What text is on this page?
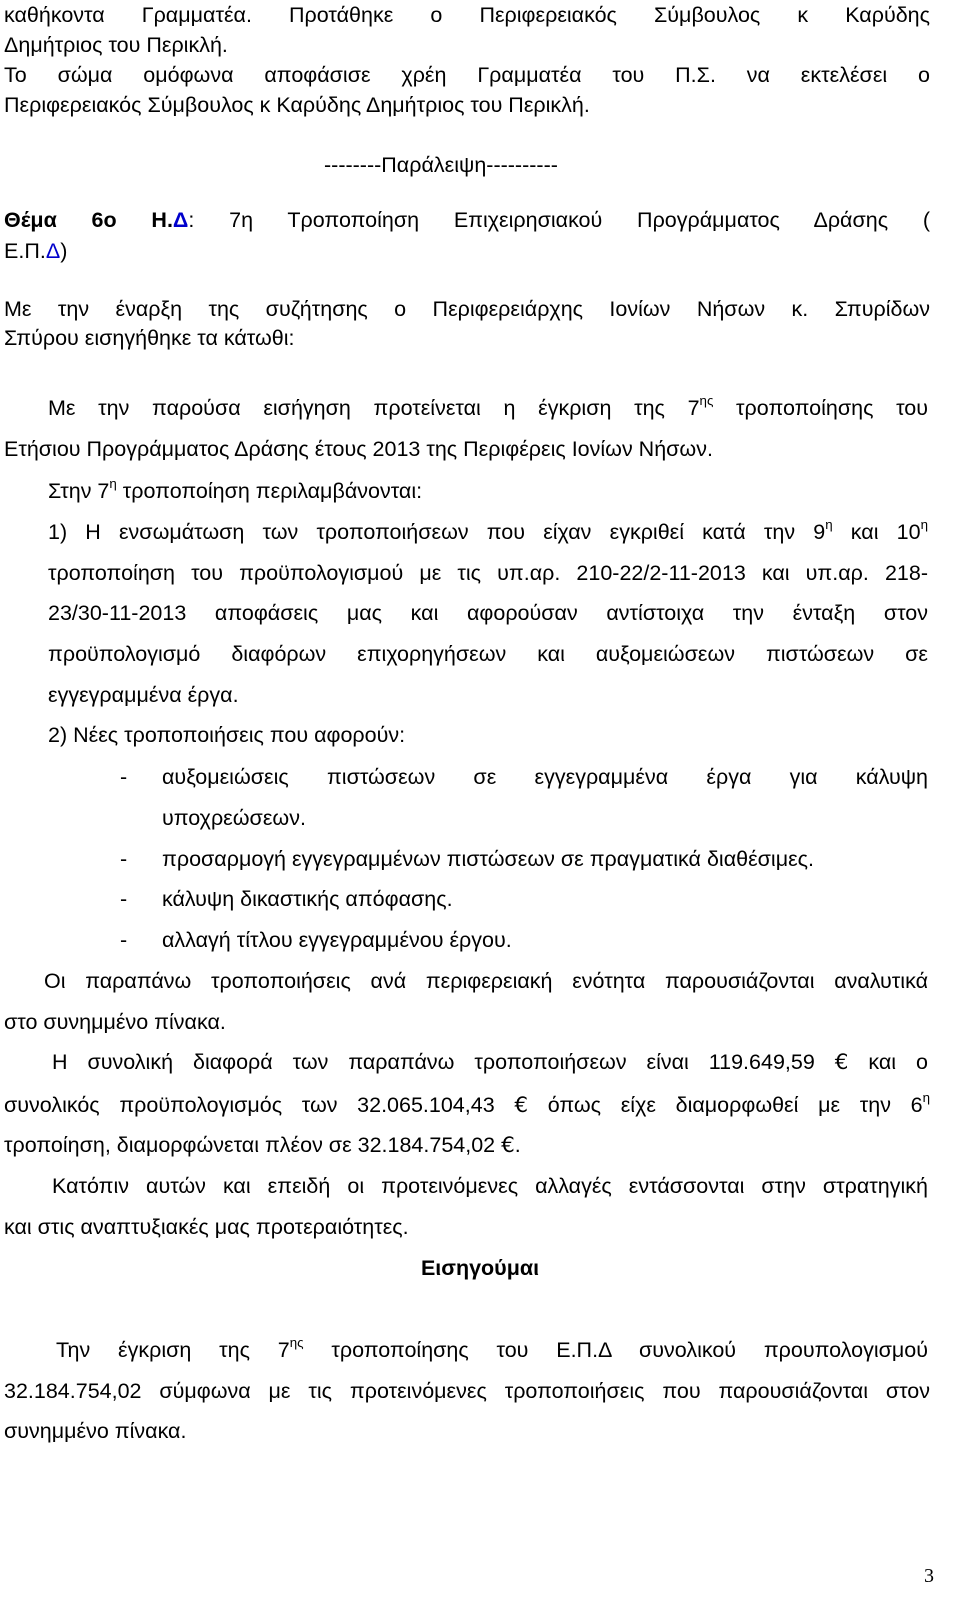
καθήκοντα Γραμματέα. Προτάθηκε ο Περιφερειακός Σύμβουλος κ Καρύδης

Δημήτριος του Περικλή.

Το σώμα ομόφωνα αποφάσισε χρέη Γραμματέα του Π.Σ. να εκτελέσει ο

Περιφερειακός Σύμβουλος κ Καρύδης Δημήτριος του Περικλή.

--------Παράλειψη----------

Θέμα 6ο Η.Δ: 7η Τροποποίηση Επιχειρησιακού Προγράμματος Δράσης (

Ε.Π.Δ)

Με την έναρξη της συζήτησης ο Περιφερειάρχης Ιονίων Νήσων κ. Σπυρίδων

Σπύρου εισηγήθηκε τα κάτωθι:

Με την παρούσα εισήγηση προτείνεται η έγκριση της $7^{\eta\varsigma}$ τροποποίησης του

Ετήσιου Προγράμματος Δράσης έτους 2013 της Περιφέρεις Ιονίων Νήσων.

Στην $7^\eta$ τροποποίηση περιλαμβάνονται:

1) Η ενσωμάτωση των τροποποιήσεων που είχαν εγκριθεί κατά την $9^\eta$ και $10^\eta$

τροποποίηση του προϋπολογισμού με τις υπ.αρ. 210-22/2-11-2013 και υπ.αρ. 218-

23/30-11-2013 αποφάσεις μας και αφορούσαν αντίστοιχα την ένταξη στον

προϋπολογισμό διαφόρων επιχορηγήσεων και αυξομειώσεων πιστώσεων σε

εγγεγραμμένα έργα.

2) Νέες τροποποιήσεις που αφορούν:

- αυξομειώσεις πιστώσεων σε εγγεγραμμένα έργα για κάλυψη

υποχρεώσεων.

- προσαρμογή εγγεγραμμένων πιστώσεων σε πραγματικά διαθέσιμες.

- κάλυψη δικαστικής απόφασης.

- αλλαγή τίτλου εγγεγραμμένου έργου.

Οι παραπάνω τροποποιήσεις ανά περιφερειακή ενότητα παρουσιάζονται αναλυτικά

στο συνημμένο πίνακα.

Η συνολική διαφορά των παραπάνω τροποποιήσεων είναι 119.649,59 € και ο

συνολικός προϋπολογισμός των 32.065.104,43 € όπως είχε διαμορφωθεί με την $6^\eta$

τροποίηση, διαμορφώνεται πλέον σε 32.184.754,02 €.

Κατόπιν αυτών και επειδή οι προτεινόμενες αλλαγές εντάσσονται στην στρατηγική

και στις αναπτυξιακές μας προτεραιότητες.

Εισηγούμαι

Την έγκριση της $7^{\eta\varsigma}$ τροποποίησης του Ε.Π.Δ συνολικού προυπολογισμού

32.184.754,02 σύμφωνα με τις προτεινόμενες τροποποιήσεις που παρουσιάζονται στον

συνημμένο πίνακα.

3
